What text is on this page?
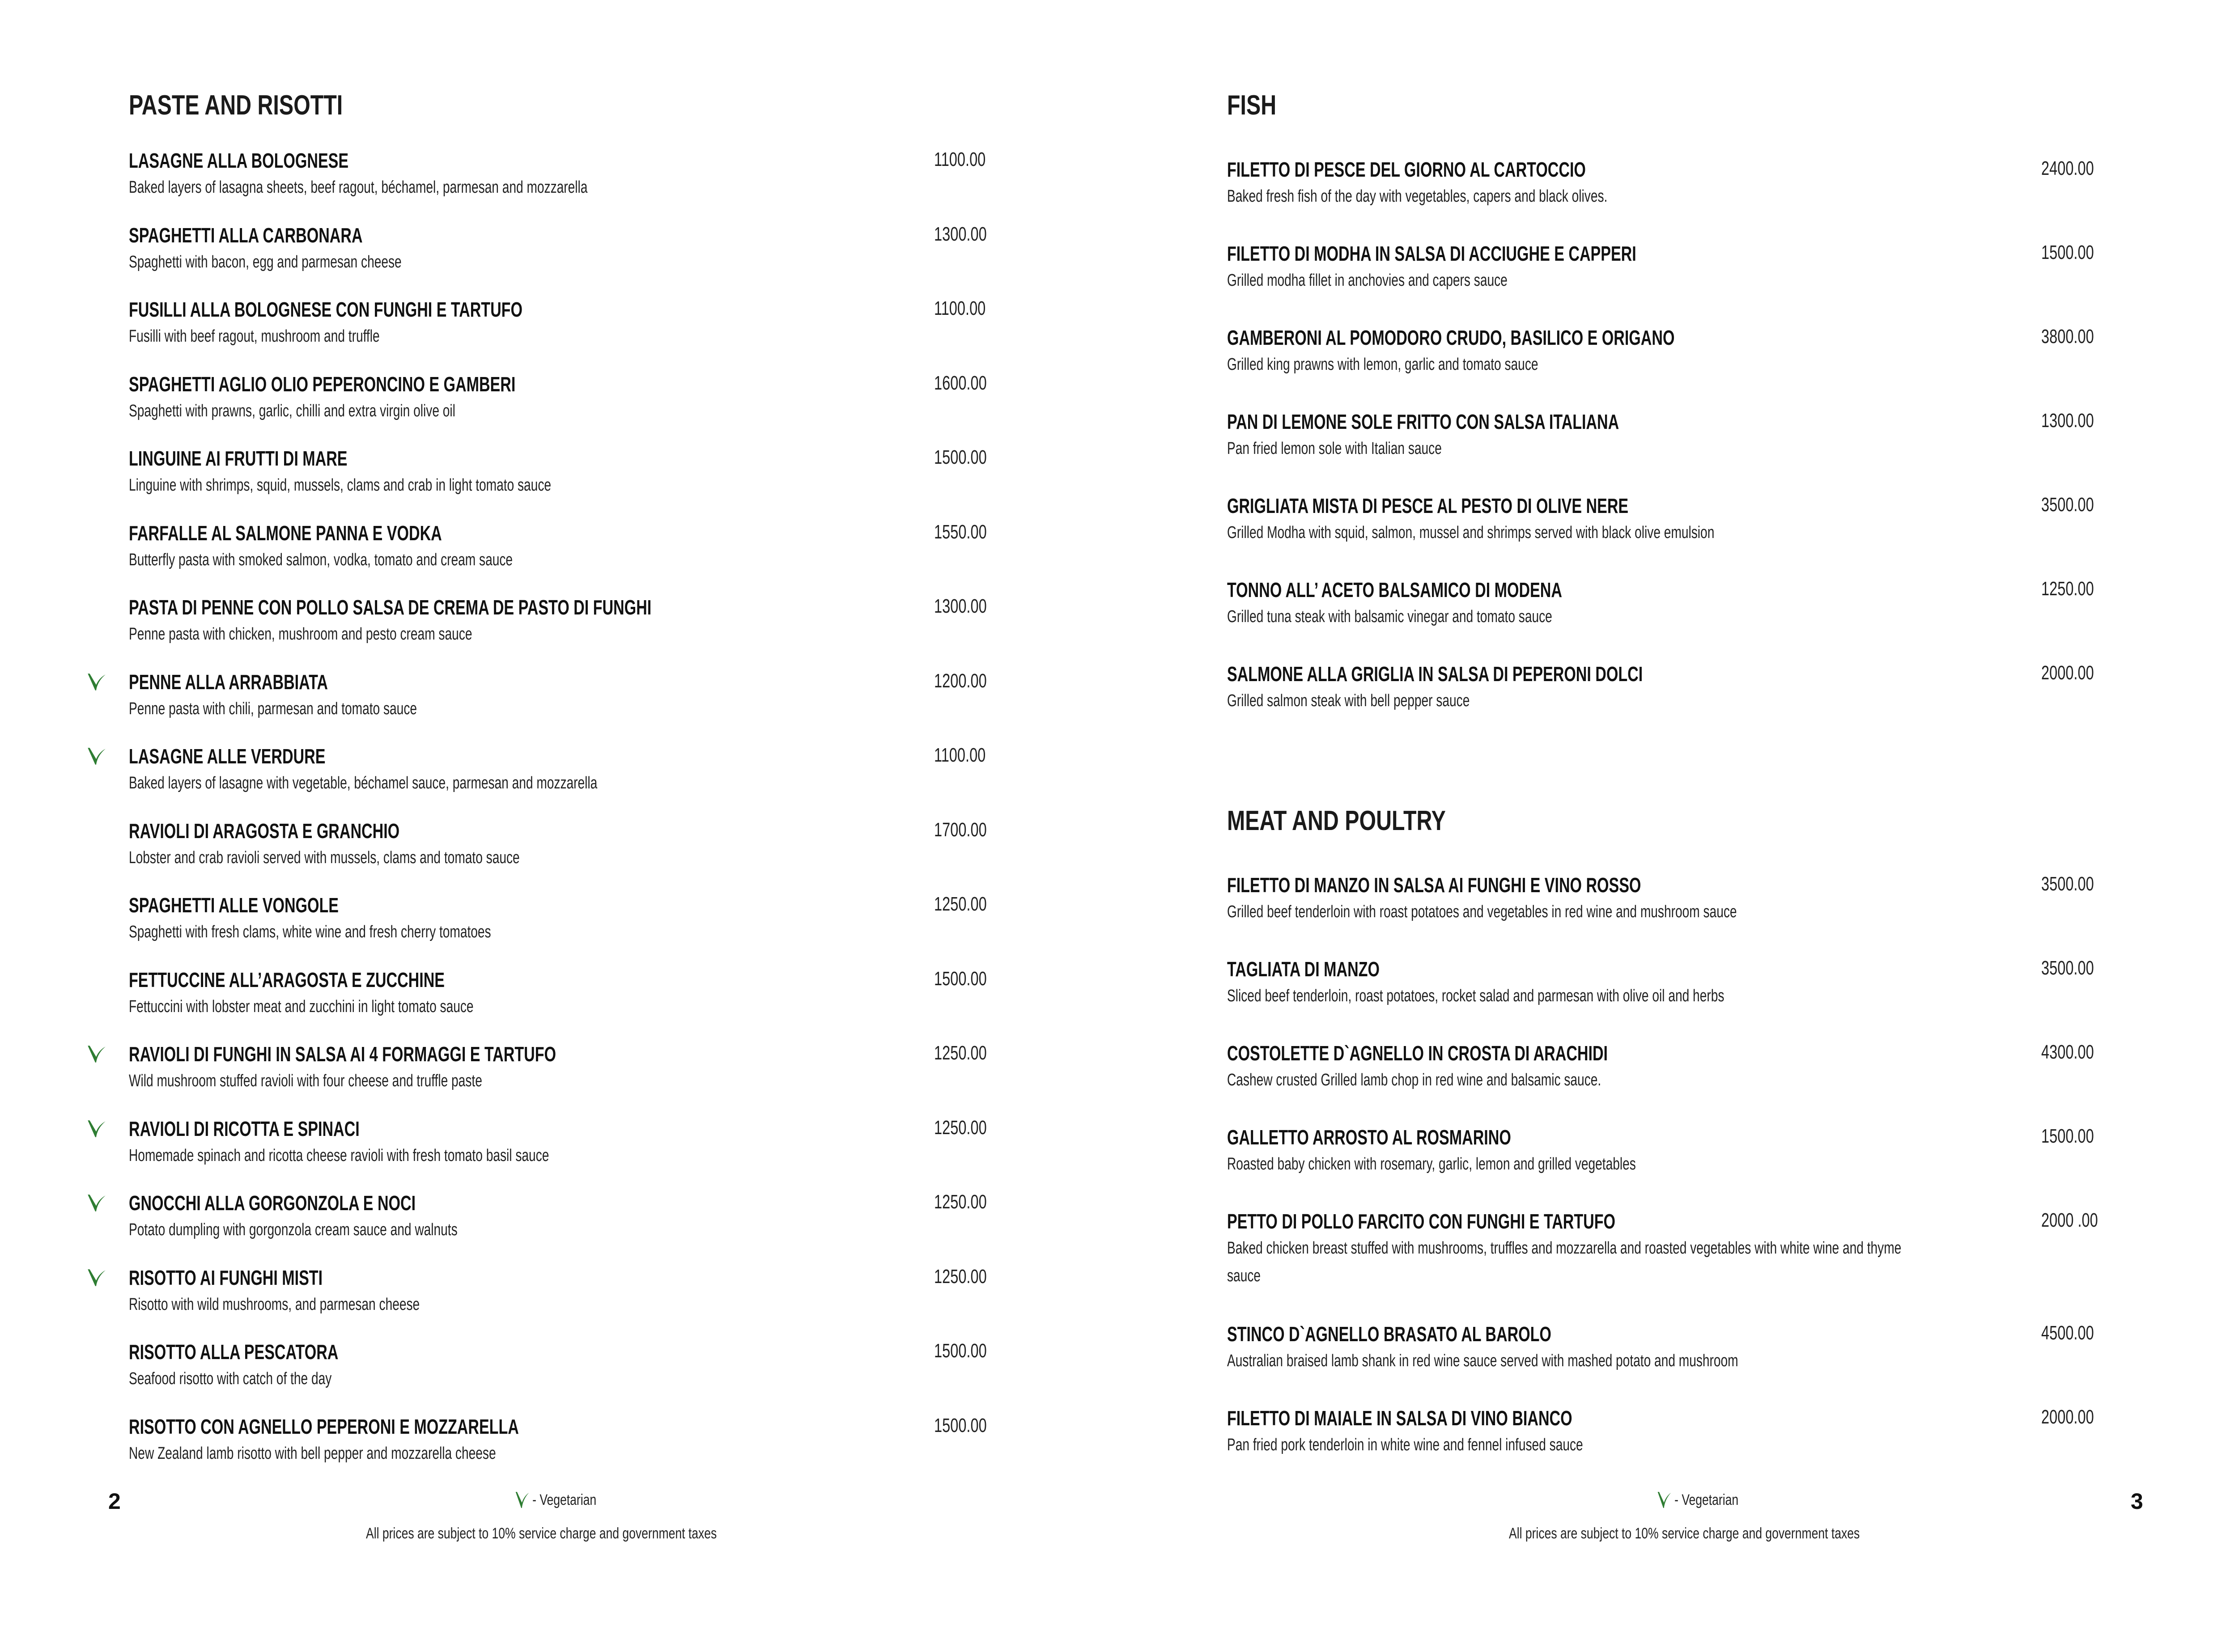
PASTE AND RISOTTI
LASAGNE ALLA BOLOGNESE
Baked layers of lasagna sheets, beef ragout, béchamel, parmesan and mozzarella
1100.00
SPAGHETTI ALLA CARBONARA
Spaghetti with bacon, egg and parmesan cheese
1300.00
FUSILLI ALLA BOLOGNESE CON FUNGHI E TARTUFO
Fusilli with beef ragout, mushroom and truffle
1100.00
SPAGHETTI AGLIO OLIO PEPERONCINO E GAMBERI
Spaghetti with prawns, garlic, chilli and extra virgin olive oil
1600.00
LINGUINE AI FRUTTI DI MARE
Linguine with shrimps, squid, mussels, clams and crab in light tomato sauce
1500.00
FARFALLE AL SALMONE PANNA E VODKA
Butterfly pasta with smoked salmon, vodka, tomato and cream sauce
1550.00
PASTA DI PENNE CON POLLO SALSA DE CREMA DE PASTO DI FUNGHI
Penne pasta with chicken, mushroom and pesto cream sauce
1300.00
PENNE ALLA ARRABBIATA
Penne pasta with chili, parmesan and tomato sauce
1200.00
LASAGNE ALLE VERDURE
Baked layers of lasagne with vegetable, béchamel sauce, parmesan and mozzarella
1100.00
RAVIOLI DI ARAGOSTA E GRANCHIO
Lobster and crab ravioli served with mussels, clams and tomato sauce
1700.00
SPAGHETTI ALLE VONGOLE
Spaghetti with fresh clams, white wine and fresh cherry tomatoes
1250.00
FETTUCCINE ALL’ARAGOSTA E ZUCCHINE
Fettuccini with lobster meat and zucchini in light tomato sauce
1500.00
RAVIOLI DI FUNGHI IN SALSA AI 4 FORMAGGI E TARTUFO
Wild mushroom stuffed ravioli with four cheese and truffle paste
1250.00
RAVIOLI DI RICOTTA E SPINACI
Homemade spinach and ricotta cheese ravioli with fresh tomato basil sauce
1250.00
GNOCCHI ALLA GORGONZOLA E NOCI
Potato dumpling with gorgonzola cream sauce and walnuts
1250.00
RISOTTO AI FUNGHI MISTI
Risotto with wild mushrooms, and parmesan cheese
1250.00
RISOTTO ALLA PESCATORA
Seafood risotto with catch of the day
1500.00
RISOTTO CON AGNELLO PEPERONI E MOZZARELLA
New Zealand lamb risotto with bell pepper and mozzarella cheese
1500.00
2	- Vegetarian
All prices are subject to 10% service charge and government taxes
FISH
FILETTO DI PESCE DEL GIORNO AL CARTOCCIO
Baked fresh fish of the day with vegetables, capers and black olives.
2400.00
FILETTO DI MODHA IN SALSA DI ACCIUGHE E CAPPERI
Grilled modha fillet in anchovies and capers sauce
1500.00
GAMBERONI AL POMODORO CRUDO, BASILICO E ORIGANO
Grilled king prawns with lemon, garlic and tomato sauce
3800.00
PAN DI LEMONE SOLE FRITTO CON SALSA ITALIANA
Pan fried lemon sole with Italian sauce
1300.00
GRIGLIATA MISTA DI PESCE AL PESTO DI OLIVE NERE
Grilled Modha with squid, salmon, mussel and shrimps served with black olive emulsion
3500.00
TONNO ALL’ ACETO BALSAMICO DI MODENA
Grilled tuna steak with balsamic vinegar and tomato sauce
1250.00
SALMONE ALLA GRIGLIA IN SALSA DI PEPERONI DOLCI
Grilled salmon steak with bell pepper sauce
2000.00
MEAT AND POULTRY
FILETTO DI MANZO IN SALSA AI FUNGHI E VINO ROSSO
Grilled beef tenderloin with roast potatoes and vegetables in red wine and mushroom sauce
3500.00
TAGLIATA DI MANZO
Sliced beef tenderloin, roast potatoes, rocket salad and parmesan with olive oil and herbs
3500.00
COSTOLETTE D`AGNELLO IN CROSTA DI ARACHIDI
Cashew crusted Grilled lamb chop in red wine and balsamic sauce.
4300.00
GALLETTO ARROSTO AL ROSMARINO
Roasted baby chicken with rosemary, garlic, lemon and grilled vegetables
1500.00
PETTO DI POLLO FARCITO CON FUNGHI E TARTUFO
Baked chicken breast stuffed with mushrooms, truffles and mozzarella and roasted vegetables with white wine and thyme sauce
2000 .00
STINCO D`AGNELLO BRASATO AL BAROLO
Australian braised lamb shank in red wine sauce served with mashed potato and mushroom
4500.00
FILETTO DI MAIALE IN SALSA DI VINO BIANCO
Pan fried pork tenderloin in white wine and fennel infused sauce
2000.00
- Vegetarian
All prices are subject to 10% service charge and government taxes
3
